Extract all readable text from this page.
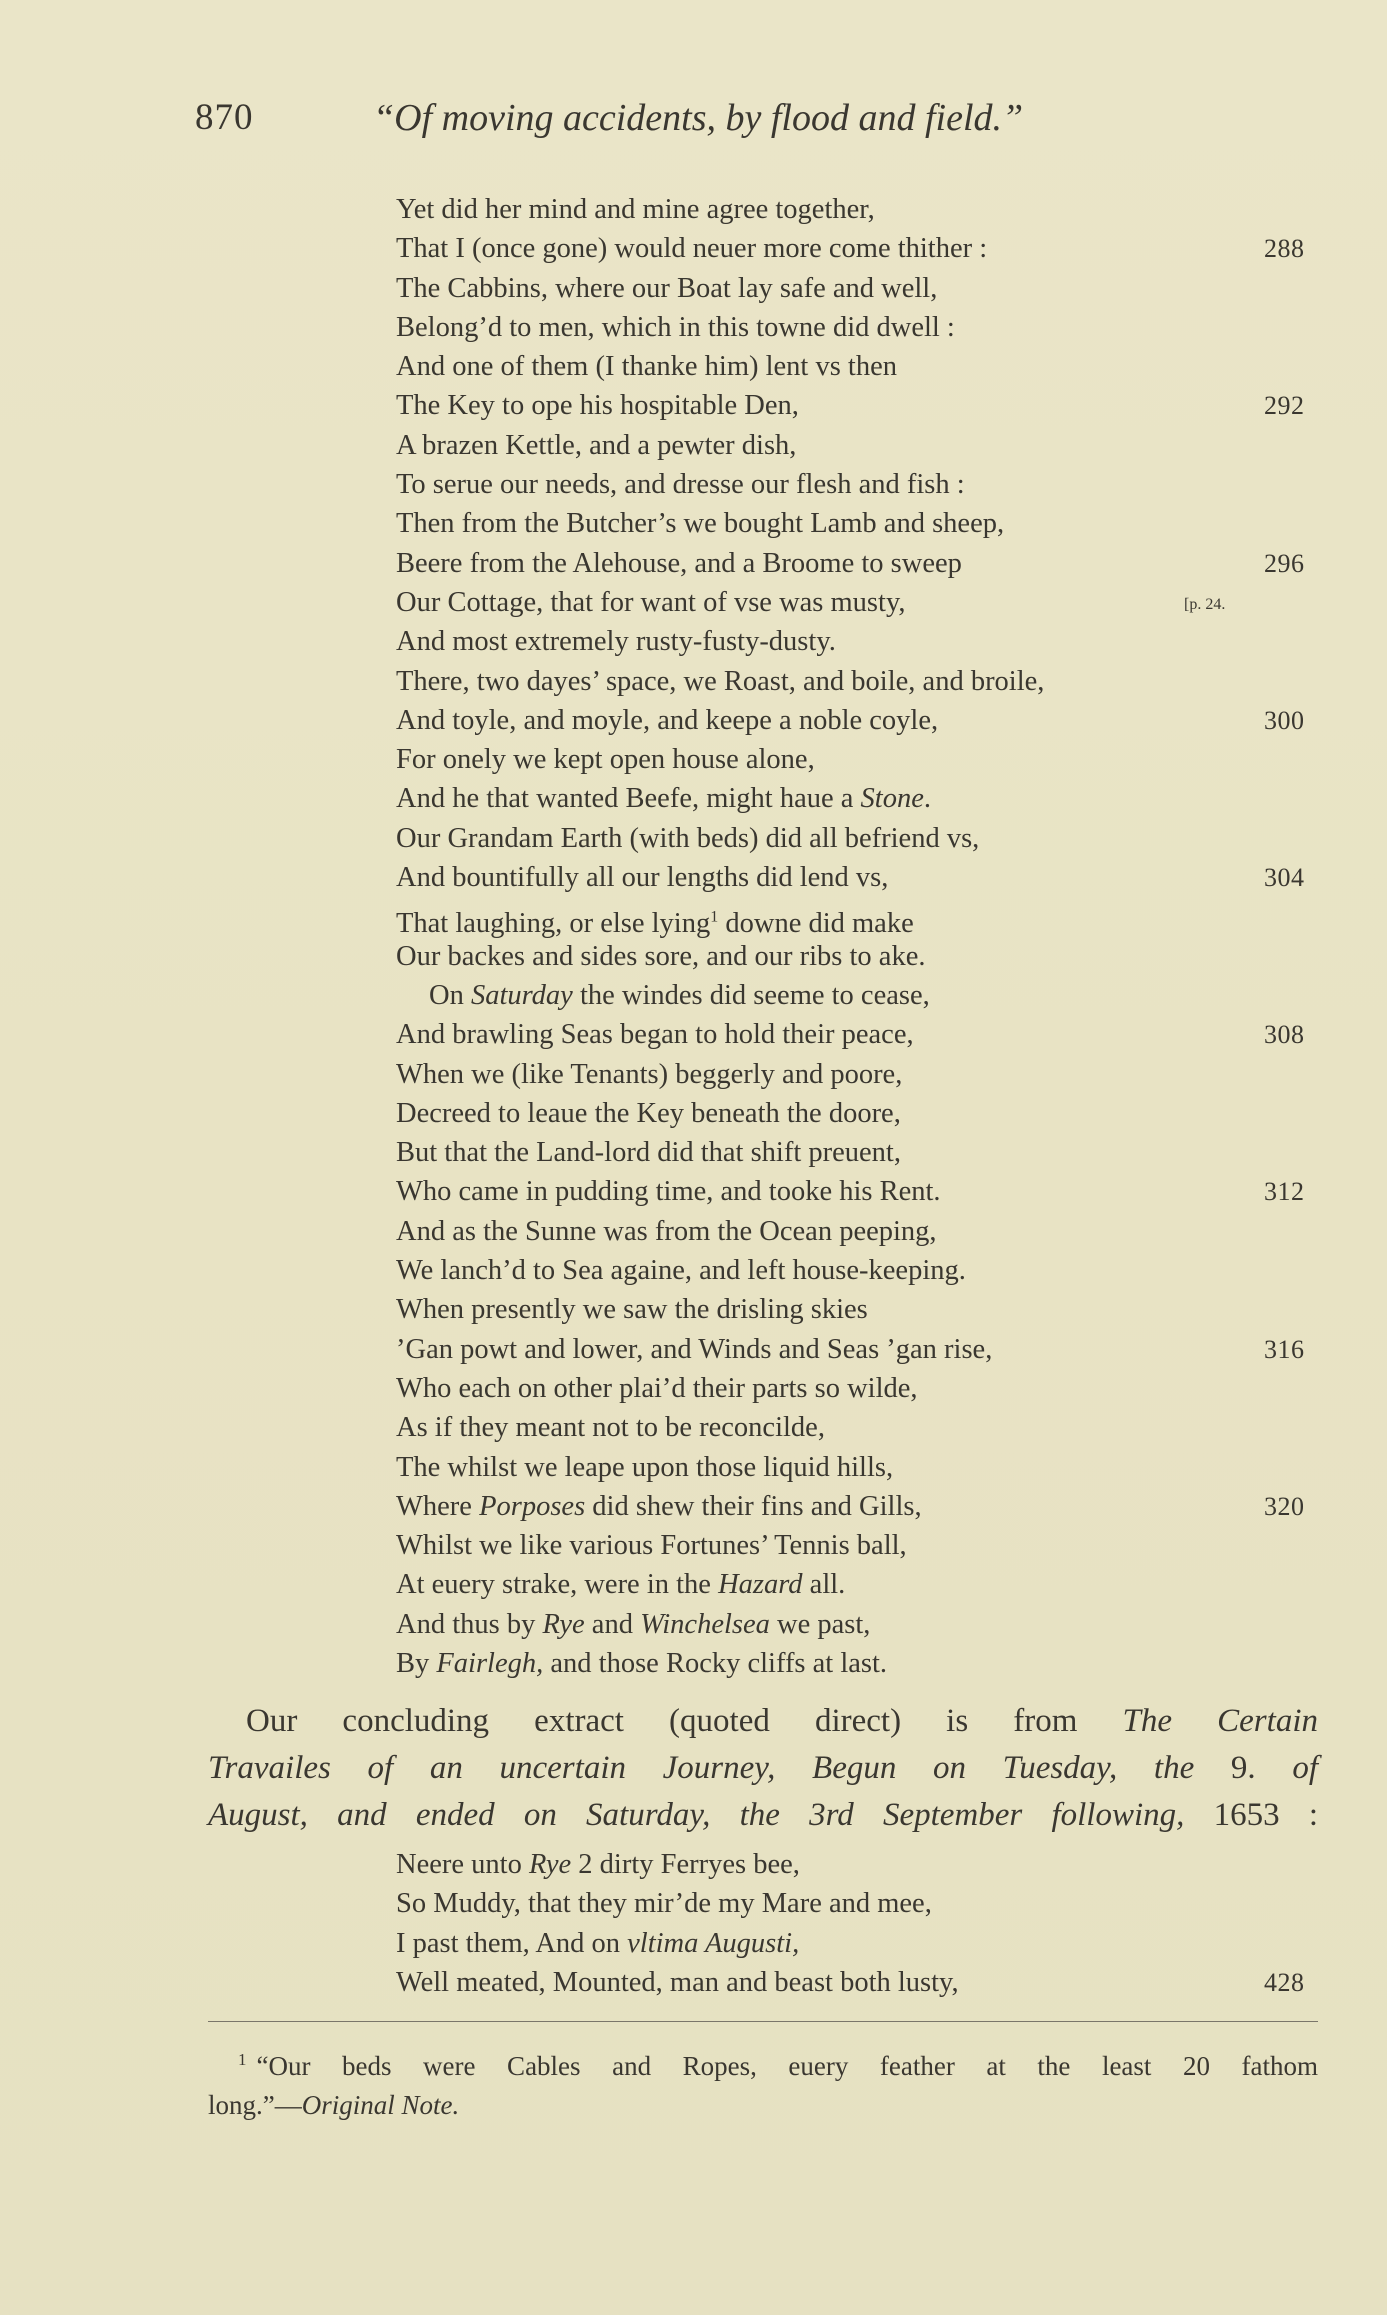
870	“Of moving accidents, by flood and field.”
Yet did her mind and mine agree together,
That I (once gone) would neuer more come thither :	288
The Cabbins, where our Boat lay safe and well,
Belong’d to men, which in this towne did dwell :
And one of them (I thanke him) lent vs then
The Key to ope his hospitable Den,	292
A brazen Kettle, and a pewter dish,
To serue our needs, and dresse our flesh and fish :
Then from the Butcher’s we bought Lamb and sheep,
Beere from the Alehouse, and a Broome to sweep	296
Our Cottage, that for want of vse was musty,	[p. 24.
And most extremely rusty-fusty-dusty.
There, two dayes’ space, we Roast, and boile, and broile,
And toyle, and moyle, and keepe a noble coyle,	300
For onely we kept open house alone,
And he that wanted Beefe, might haue a Stone.
Our Grandam Earth (with beds) did all befriend vs,
And bountifully all our lengths did lend vs,	304
That laughing, or else lying$^1$ downe did make
Our backes and sides sore, and our ribs to ake.
On Saturday the windes did seeme to cease,
And brawling Seas began to hold their peace,	308
When we (like Tenants) beggerly and poore,
Decreed to leaue the Key beneath the doore,
But that the Land-lord did that shift preuent,
Who came in pudding time, and tooke his Rent.	312
And as the Sunne was from the Ocean peeping,
We lanch’d to Sea againe, and left house-keeping.
When presently we saw the drisling skies
’Gan powt and lower, and Winds and Seas ’gan rise,	316
Who each on other plai’d their parts so wilde,
As if they meant not to be reconcilde,
The whilst we leape upon those liquid hills,
Where Porposes did shew their fins and Gills,	320
Whilst we like various Fortunes’ Tennis ball,
At euery strake, were in the Hazard all.
And thus by Rye and Winchelsea we past,
By Fairlegh, and those Rocky cliffs at last.
Our concluding extract (quoted direct) is from The Certain
Travailes of an uncertain Journey, Begun on Tuesday, the 9. of
August, and ended on Saturday, the 3rd September following, 1653 :
Neere unto Rye 2 dirty Ferryes bee,
So Muddy, that they mir’de my Mare and mee,
I past them, And on vltima Augusti,
Well meated, Mounted, man and beast both lusty,	428
$^1$ “Our beds were Cables and Ropes, euery feather at the least 20 fathom
long.”—Original Note.
